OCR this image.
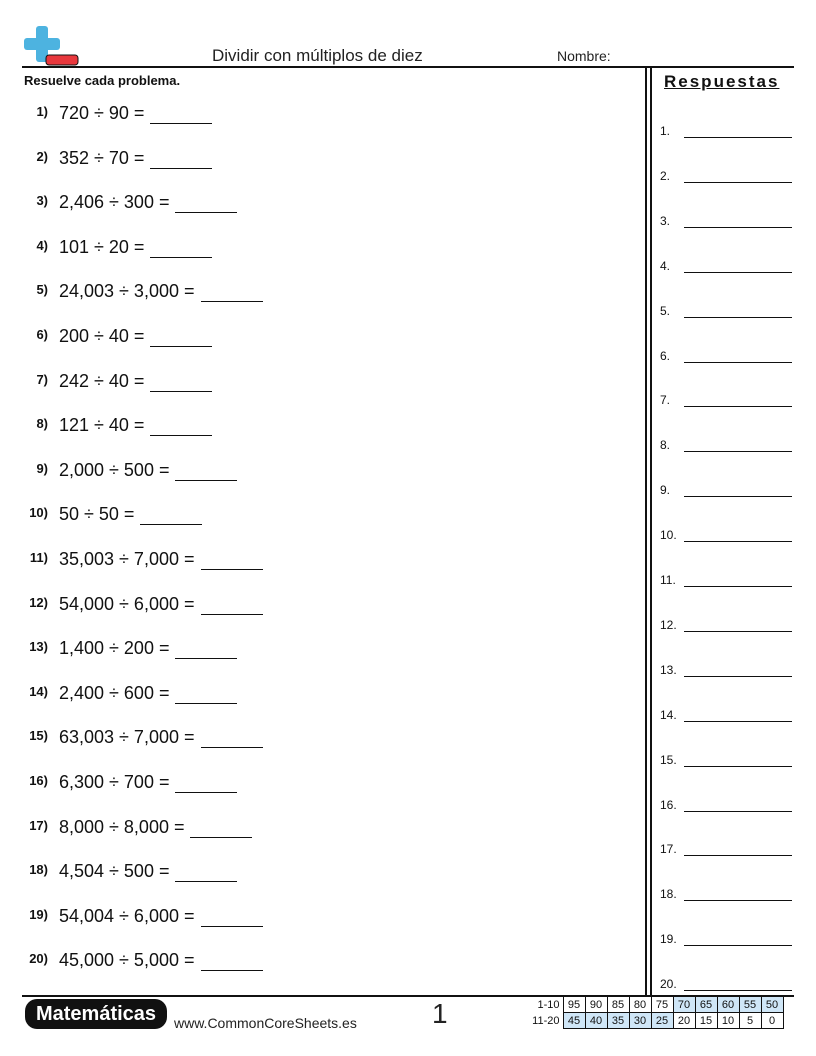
Dividir con múltiplos de diez	Nombre:
Resuelve cada problema.
1) 720 ÷ 90 =
2) 352 ÷ 70 =
3) 2,406 ÷ 300 =
4) 101 ÷ 20 =
5) 24,003 ÷ 3,000 =
6) 200 ÷ 40 =
7) 242 ÷ 40 =
8) 121 ÷ 40 =
9) 2,000 ÷ 500 =
10) 50 ÷ 50 =
11) 35,003 ÷ 7,000 =
12) 54,000 ÷ 6,000 =
13) 1,400 ÷ 200 =
14) 2,400 ÷ 600 =
15) 63,003 ÷ 7,000 =
16) 6,300 ÷ 700 =
17) 8,000 ÷ 8,000 =
18) 4,504 ÷ 500 =
19) 54,004 ÷ 6,000 =
20) 45,000 ÷ 5,000 =
Respuestas
1.
2.
3.
4.
5.
6.
7.
8.
9.
10.
11.
12.
13.
14.
15.
16.
17.
18.
19.
20.
Matemáticas	www.CommonCoreSheets.es	1	1-10	95	90	85	80	75	70	65	60	55	50
11-20	45	40	35	30	25	20	15	10	5	0
